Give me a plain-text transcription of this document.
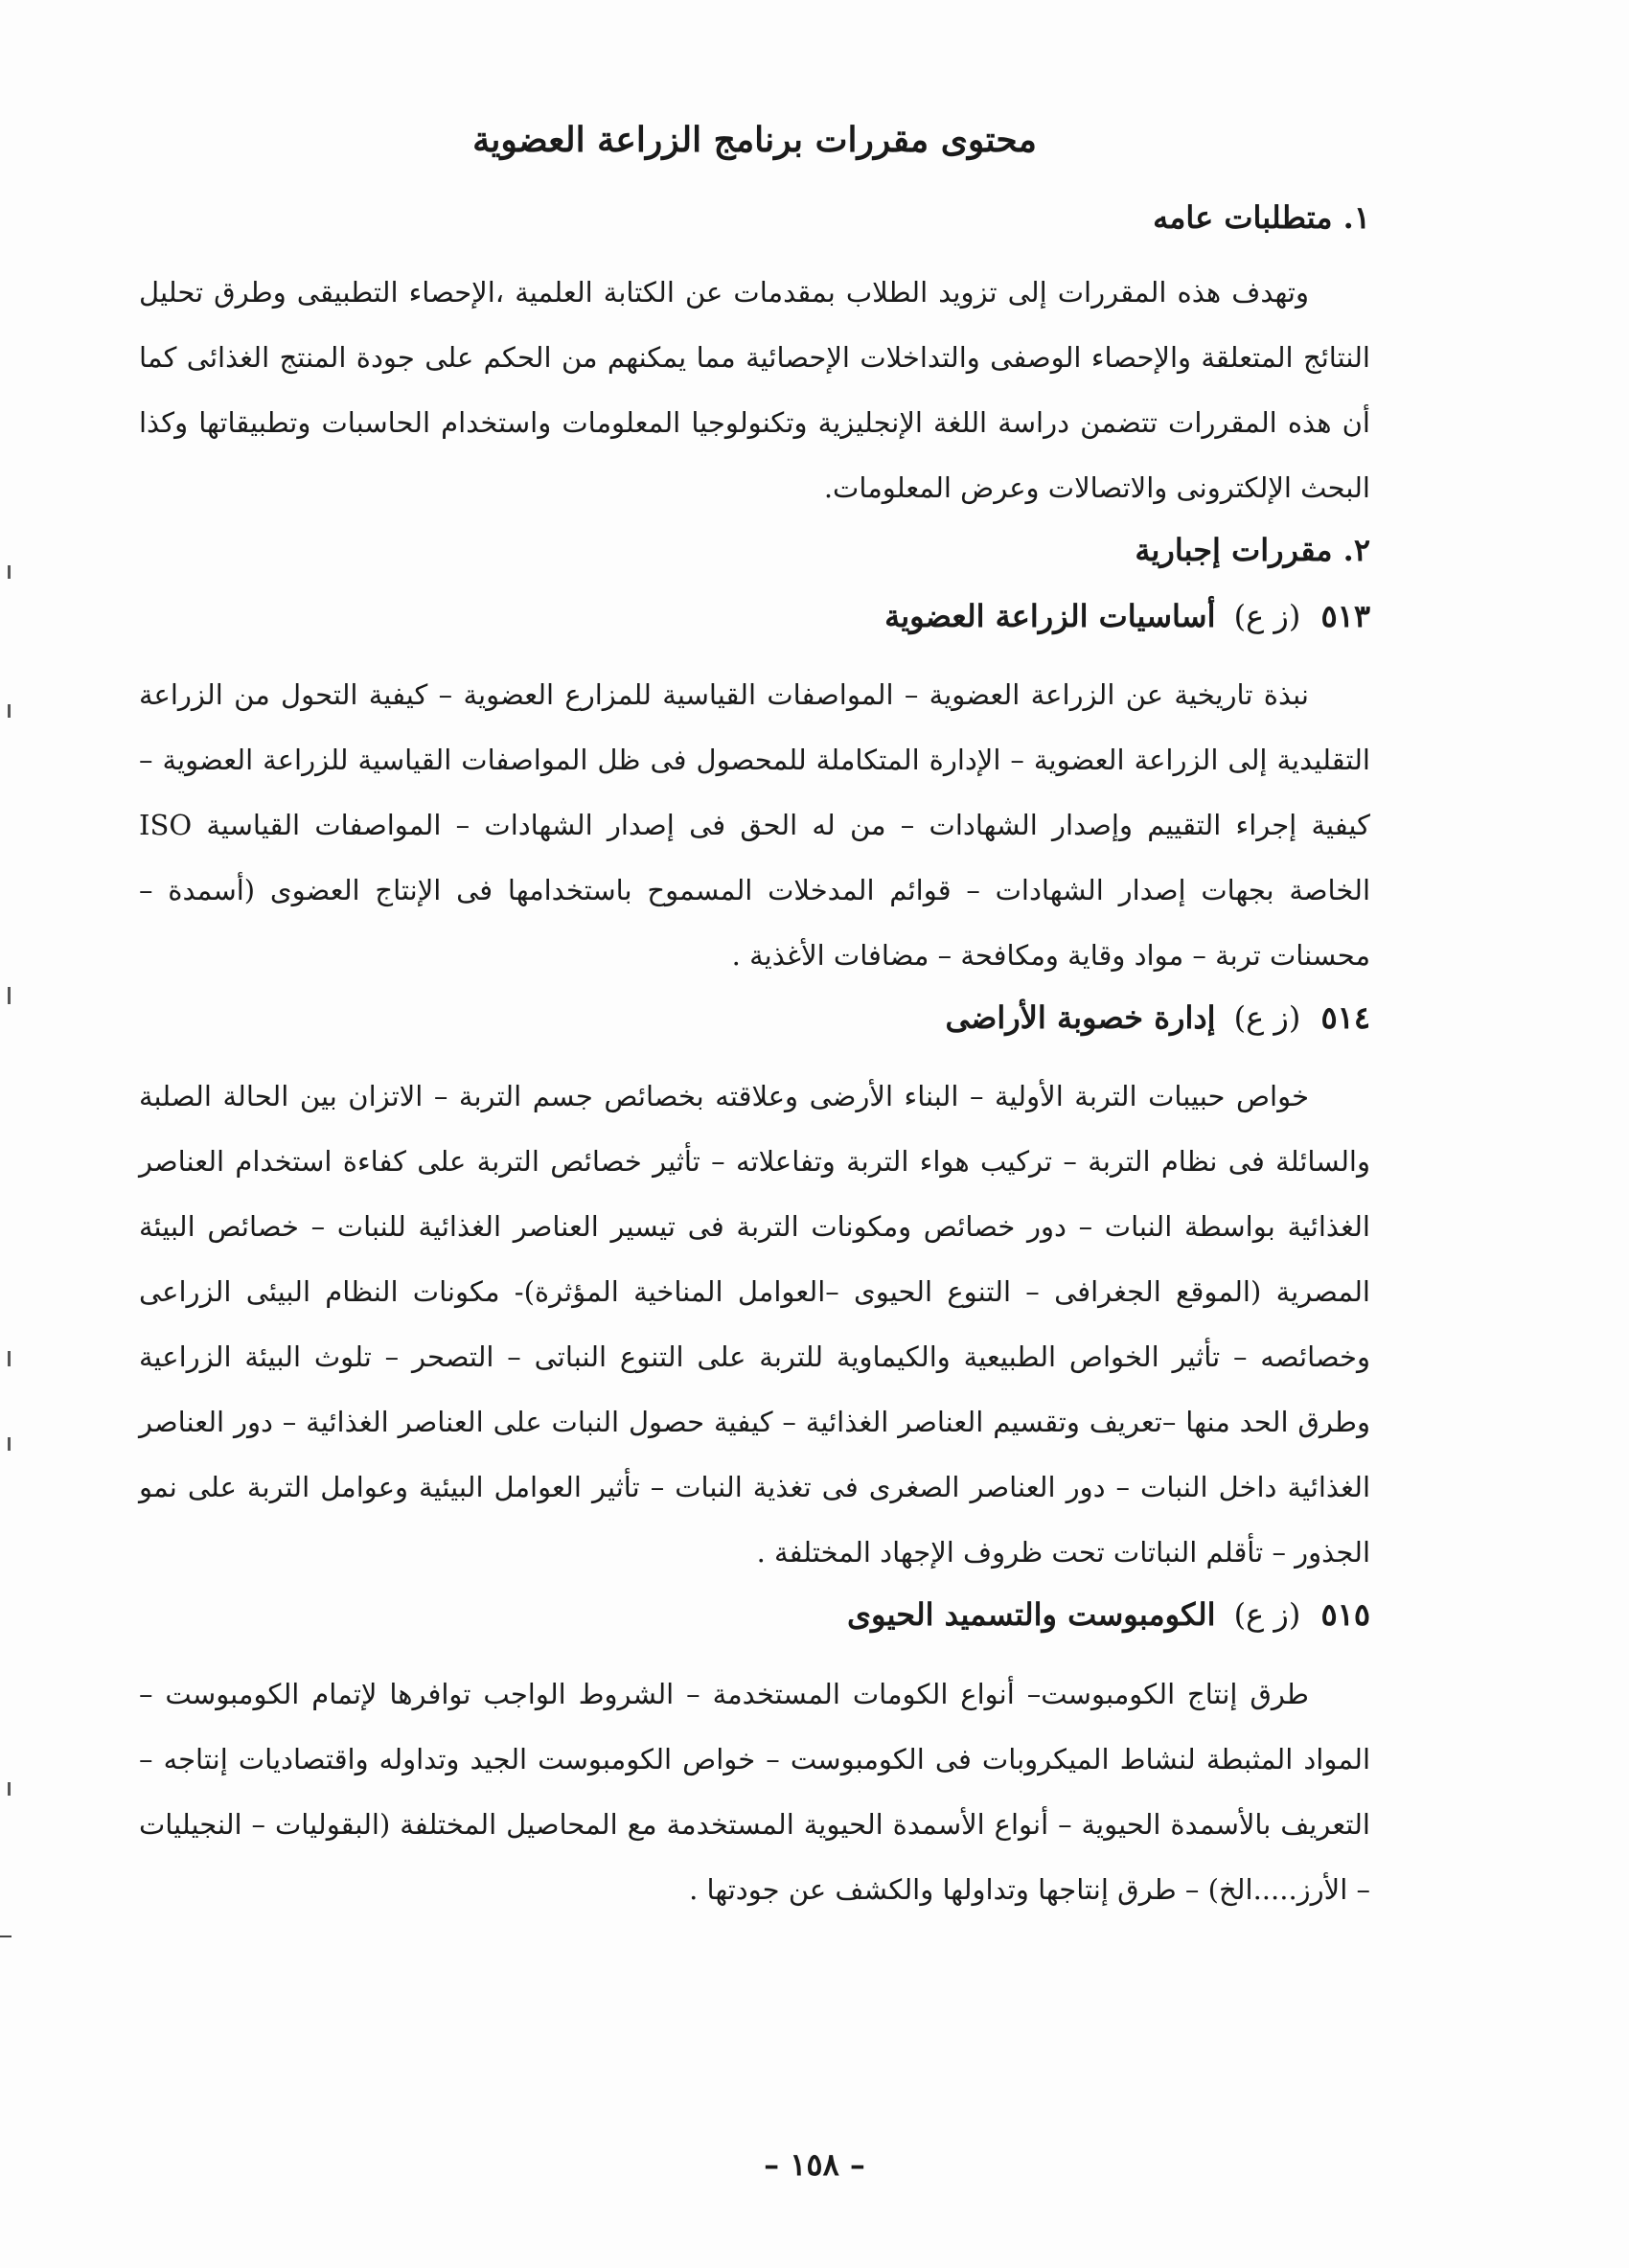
محتوى مقررات برنامج الزراعة العضوية
١. متطلبات عامه

وتهدف هذه المقررات إلى تزويد الطلاب بمقدمات عن الكتابة العلمية ،الإحصاء التطبيقى وطرق تحليل النتائج المتعلقة والإحصاء الوصفى والتداخلات الإحصائية مما يمكنهم من الحكم على جودة المنتج الغذائى كما أن هذه المقررات تتضمن دراسة اللغة الإنجليزية وتكنولوجيا المعلومات واستخدام الحاسبات وتطبيقاتها وكذا البحث الإلكترونى والاتصالات وعرض المعلومات.

٢. مقررات إجبارية
٥١٣ (ز ع) أساسيات الزراعة العضوية

نبذة تاريخية عن الزراعة العضوية – المواصفات القياسية للمزارع العضوية – كيفية التحول من الزراعة التقليدية إلى الزراعة العضوية – الإدارة المتكاملة للمحصول فى ظل المواصفات القياسية للزراعة العضوية – كيفية إجراء التقييم وإصدار الشهادات – من له الحق فى إصدار الشهادات – المواصفات القياسية ISO الخاصة بجهات إصدار الشهادات – قوائم المدخلات المسموح باستخدامها فى الإنتاج العضوى (أسمدة – محسنات تربة – مواد وقاية ومكافحة – مضافات الأغذية .

٥١٤ (ز ع) إدارة خصوبة الأراضى

خواص حبيبات التربة الأولية – البناء الأرضى وعلاقته بخصائص جسم التربة – الاتزان بين الحالة الصلبة والسائلة فى نظام التربة – تركيب هواء التربة وتفاعلاته – تأثير خصائص التربة على كفاءة استخدام العناصر الغذائية بواسطة النبات – دور خصائص ومكونات التربة فى تيسير العناصر الغذائية للنبات – خصائص البيئة المصرية (الموقع الجغرافى – التنوع الحيوى –العوامل المناخية المؤثرة)- مكونات النظام البيئى الزراعى وخصائصه – تأثير الخواص الطبيعية والكيماوية للتربة على التنوع النباتى – التصحر – تلوث البيئة الزراعية وطرق الحد منها –تعريف وتقسيم العناصر الغذائية – كيفية حصول النبات على العناصر الغذائية – دور العناصر الغذائية داخل النبات – دور العناصر الصغرى فى تغذية النبات – تأثير العوامل البيئية وعوامل التربة على نمو الجذور – تأقلم النباتات تحت ظروف الإجهاد المختلفة .

٥١٥ (ز ع) الكومبوست والتسميد الحيوى

طرق إنتاج الكومبوست– أنواع الكومات المستخدمة – الشروط الواجب توافرها لإتمام الكومبوست – المواد المثبطة لنشاط الميكروبات فى الكومبوست – خواص الكومبوست الجيد وتداوله واقتصاديات إنتاجه – التعريف بالأسمدة الحيوية – أنواع الأسمدة الحيوية المستخدمة مع المحاصيل المختلفة (البقوليات – النجيليات – الأرز.....الخ) – طرق إنتاجها وتداولها والكشف عن جودتها .

– ١٥٨ –
